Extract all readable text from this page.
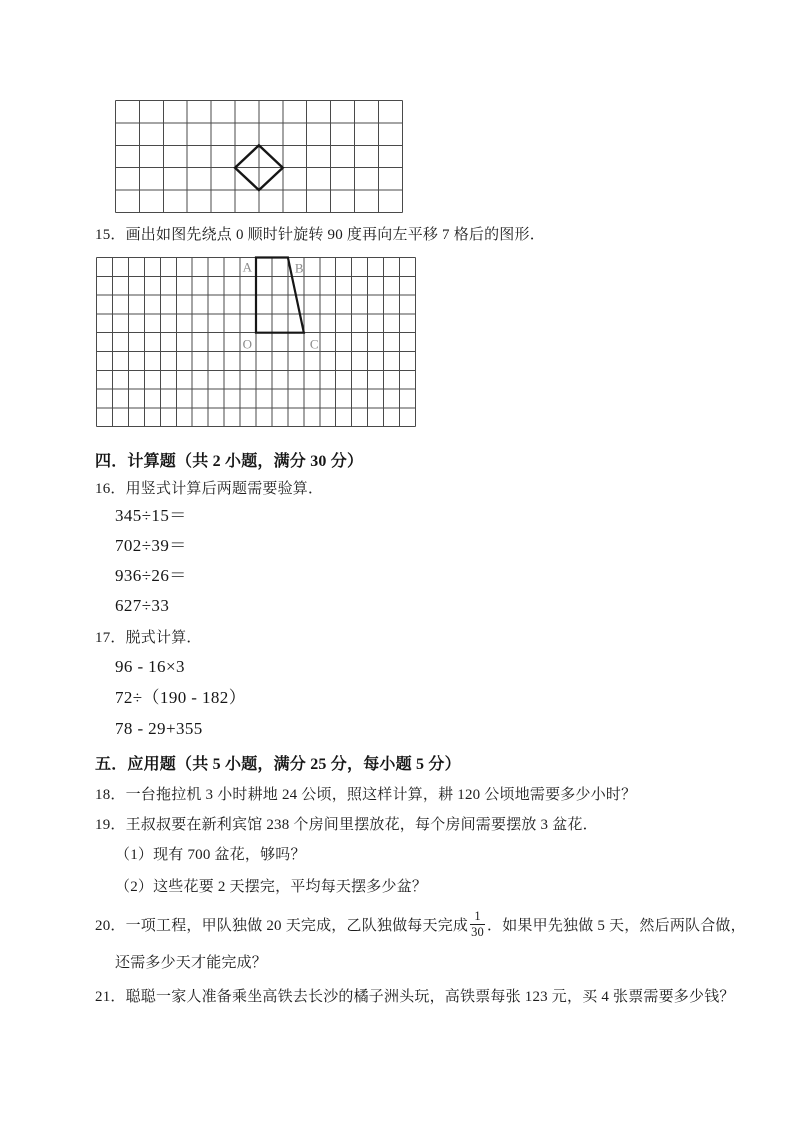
15．画出如图先绕点 0 顺时针旋转 90 度再向左平移 7 格后的图形．
A	B
C
O
四．计算题（共 2 小题，满分 30 分）
16．用竖式计算后两题需要验算．
345÷15＝
702÷39＝
936÷26＝
627÷33
17．脱式计算．
96 - 16×3
72÷（190 - 182）
78 - 29+355
五．应用题（共 5 小题，满分 25 分，每小题 5 分）
18．一台拖拉机 3 小时耕地 24 公顷，照这样计算，耕 120 公顷地需要多少小时？
19．王叔叔要在新利宾馆 238 个房间里摆放花，每个房间需要摆放 3 盆花．
（1）现有 700 盆花，够吗？
（2）这些花要 2 天摆完，平均每天摆多少盆？
20．一项工程，甲队独做 20 天完成，乙队独做每天完成 $\frac{1}{30}$ ．如果甲先独做 5 天，然后两队合做，
还需多少天才能完成？
21．聪聪一家人准备乘坐高铁去长沙的橘子洲头玩，高铁票每张 123 元，买 4 张票需要多少钱？
